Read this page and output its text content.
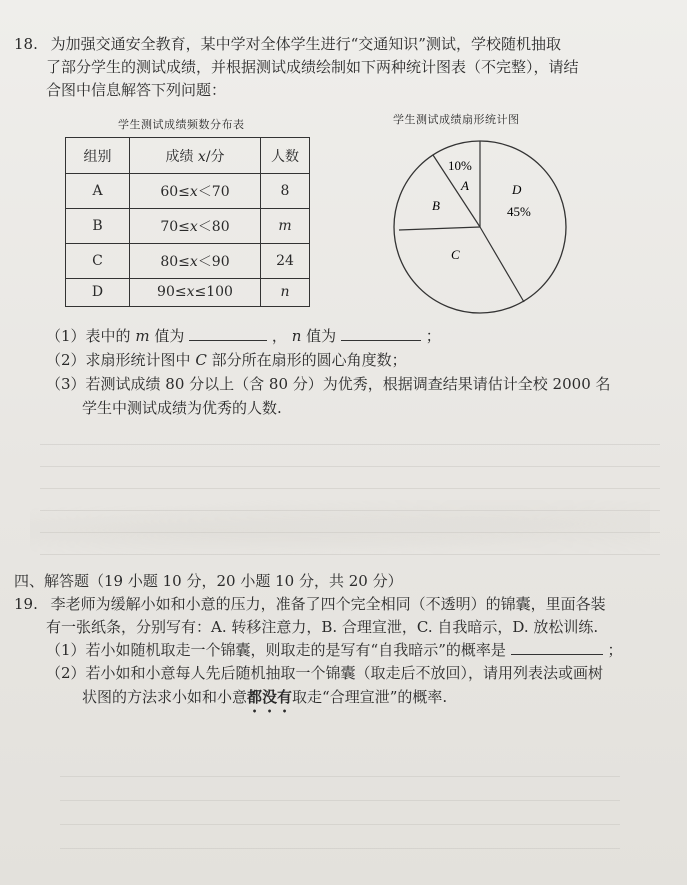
18. 为加强交通安全教育，某中学对全体学生进行“交通知识”测试，学校随机抽取
了部分学生的测试成绩，并根据测试成绩绘制如下两种统计图表（不完整），请结
合图中信息解答下列问题：
学生测试成绩频数分布表
组别	成绩 x/分	人数
A	60≤x＜70	8
B	70≤x＜80	m
C	80≤x＜90	24
D	90≤x≤100	n
学生测试成绩扇形统计图
10%
A
B
C
D
45%
（1）表中的 m 值为	， n 值为	；
（2）求扇形统计图中 C 部分所在扇形的圆心角度数；
（3）若测试成绩 80 分以上（含 80 分）为优秀，根据调查结果请估计全校 2000 名
学生中测试成绩为优秀的人数.
四、解答题（19 小题 10 分，20 小题 10 分，共 20 分）
19. 李老师为缓解小如和小意的压力，准备了四个完全相同（不透明）的锦囊，里面各装
有一张纸条，分别写有：A. 转移注意力，B. 合理宣泄，C. 自我暗示，D. 放松训练.
（1）若小如随机取走一个锦囊，则取走的是写有“自我暗示”的概率是	；
（2）若小如和小意每人先后随机抽取一个锦囊（取走后不放回），请用列表法或画树
状图的方法求小如和小意都没有取走“合理宣泄”的概率.
